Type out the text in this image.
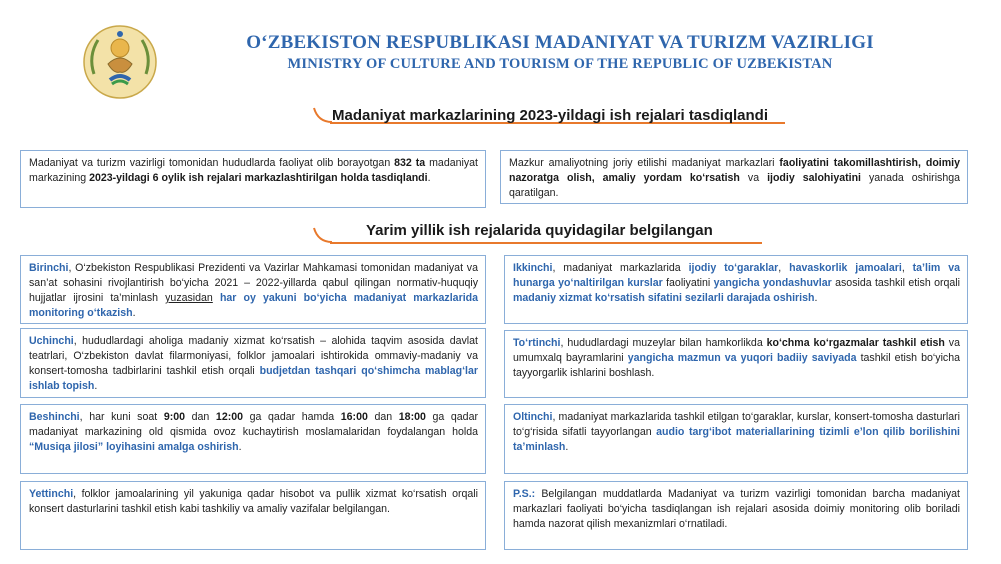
O‘ZBEKISTON RESPUBLIKASI MADANIYAT VA TURIZM VAZIRLIGI
MINISTRY OF CULTURE AND TOURISM OF THE REPUBLIC OF UZBEKISTAN
Madaniyat markazlarining 2023-yildagi ish rejalari tasdiqlandi
Madaniyat va turizm vazirligi tomonidan hududlarda faoliyat olib borayotgan 832 ta madaniyat markazining 2023-yildagi 6 oylik ish rejalari markazlashtirilgan holda tasdiqlandi.
Mazkur amaliyotning joriy etilishi madaniyat markazlari faoliyatini takomillashtirish, doimiy nazoratga olish, amaliy yordam ko‘rsatish va ijodiy salohiyatini yanada oshirishga qaratilgan.
Yarim yillik ish rejalarida quyidagilar belgilangan
Birinchi, O‘zbekiston Respublikasi Prezidenti va Vazirlar Mahkamasi tomonidan madaniyat va san’at sohasini rivojlantirish bo‘yicha 2021 – 2022-yillarda qabul qilingan normativ-huquqiy hujjatlar ijrosini ta’minlash yuzasidan har oy yakuni bo‘yicha madaniyat markazlarida monitoring o‘tkazish.
Ikkinchi, madaniyat markazlarida ijodiy to‘garaklar, havaskorlik jamoalari, ta’lim va hunarga yo‘naltirilgan kurslar faoliyatini yangicha yondashuvlar asosida tashkil etish orqali madaniy xizmat ko‘rsatish sifatini sezilarli darajada oshirish.
Uchinchi, hududlardagi aholiga madaniy xizmat ko‘rsatish – alohida taqvim asosida davlat teatrlari, O‘zbekiston davlat filarmoniyasi, folklor jamoalari ishtirokida ommaviy-madaniy va konsert-tomosha tadbirlarini tashkil etish orqali budjetdan tashqari qo‘shimcha mablag‘lar ishlab topish.
To‘rtinchi, hududlardagi muzeylar bilan hamkorlikda ko‘chma ko‘rgazmalar tashkil etish va umumxalq bayramlarini yangicha mazmun va yuqori badiiy saviyada tashkil etish bo‘yicha tayyorgarlik ishlarini boshlash.
Beshinchi, har kuni soat 9:00 dan 12:00 ga qadar hamda 16:00 dan 18:00 ga qadar madaniyat markazining old qismida ovoz kuchaytirish moslamalaridan foydalangan holda “Musiqa jilosi” loyihasini amalga oshirish.
Oltinchi, madaniyat markazlarida tashkil etilgan to‘garaklar, kurslar, konsert-tomosha dasturlari to‘g‘risida sifatli tayyorlangan audio targ‘ibot materiallarining tizimli e’lon qilib borilishini ta’minlash.
Yettinchi, folklor jamoalarining yil yakuniga qadar hisobot va pullik xizmat ko‘rsatish orqali konsert dasturlarini tashkil etish kabi tashkiliy va amaliy vazifalar belgilangan.
P.S.: Belgilangan muddatlarda Madaniyat va turizm vazirligi tomonidan barcha madaniyat markazlari faoliyati bo‘yicha tasdiqlangan ish rejalari asosida doimiy monitoring olib boriladi hamda nazorat qilish mexanizmlari o‘rnatiladi.
